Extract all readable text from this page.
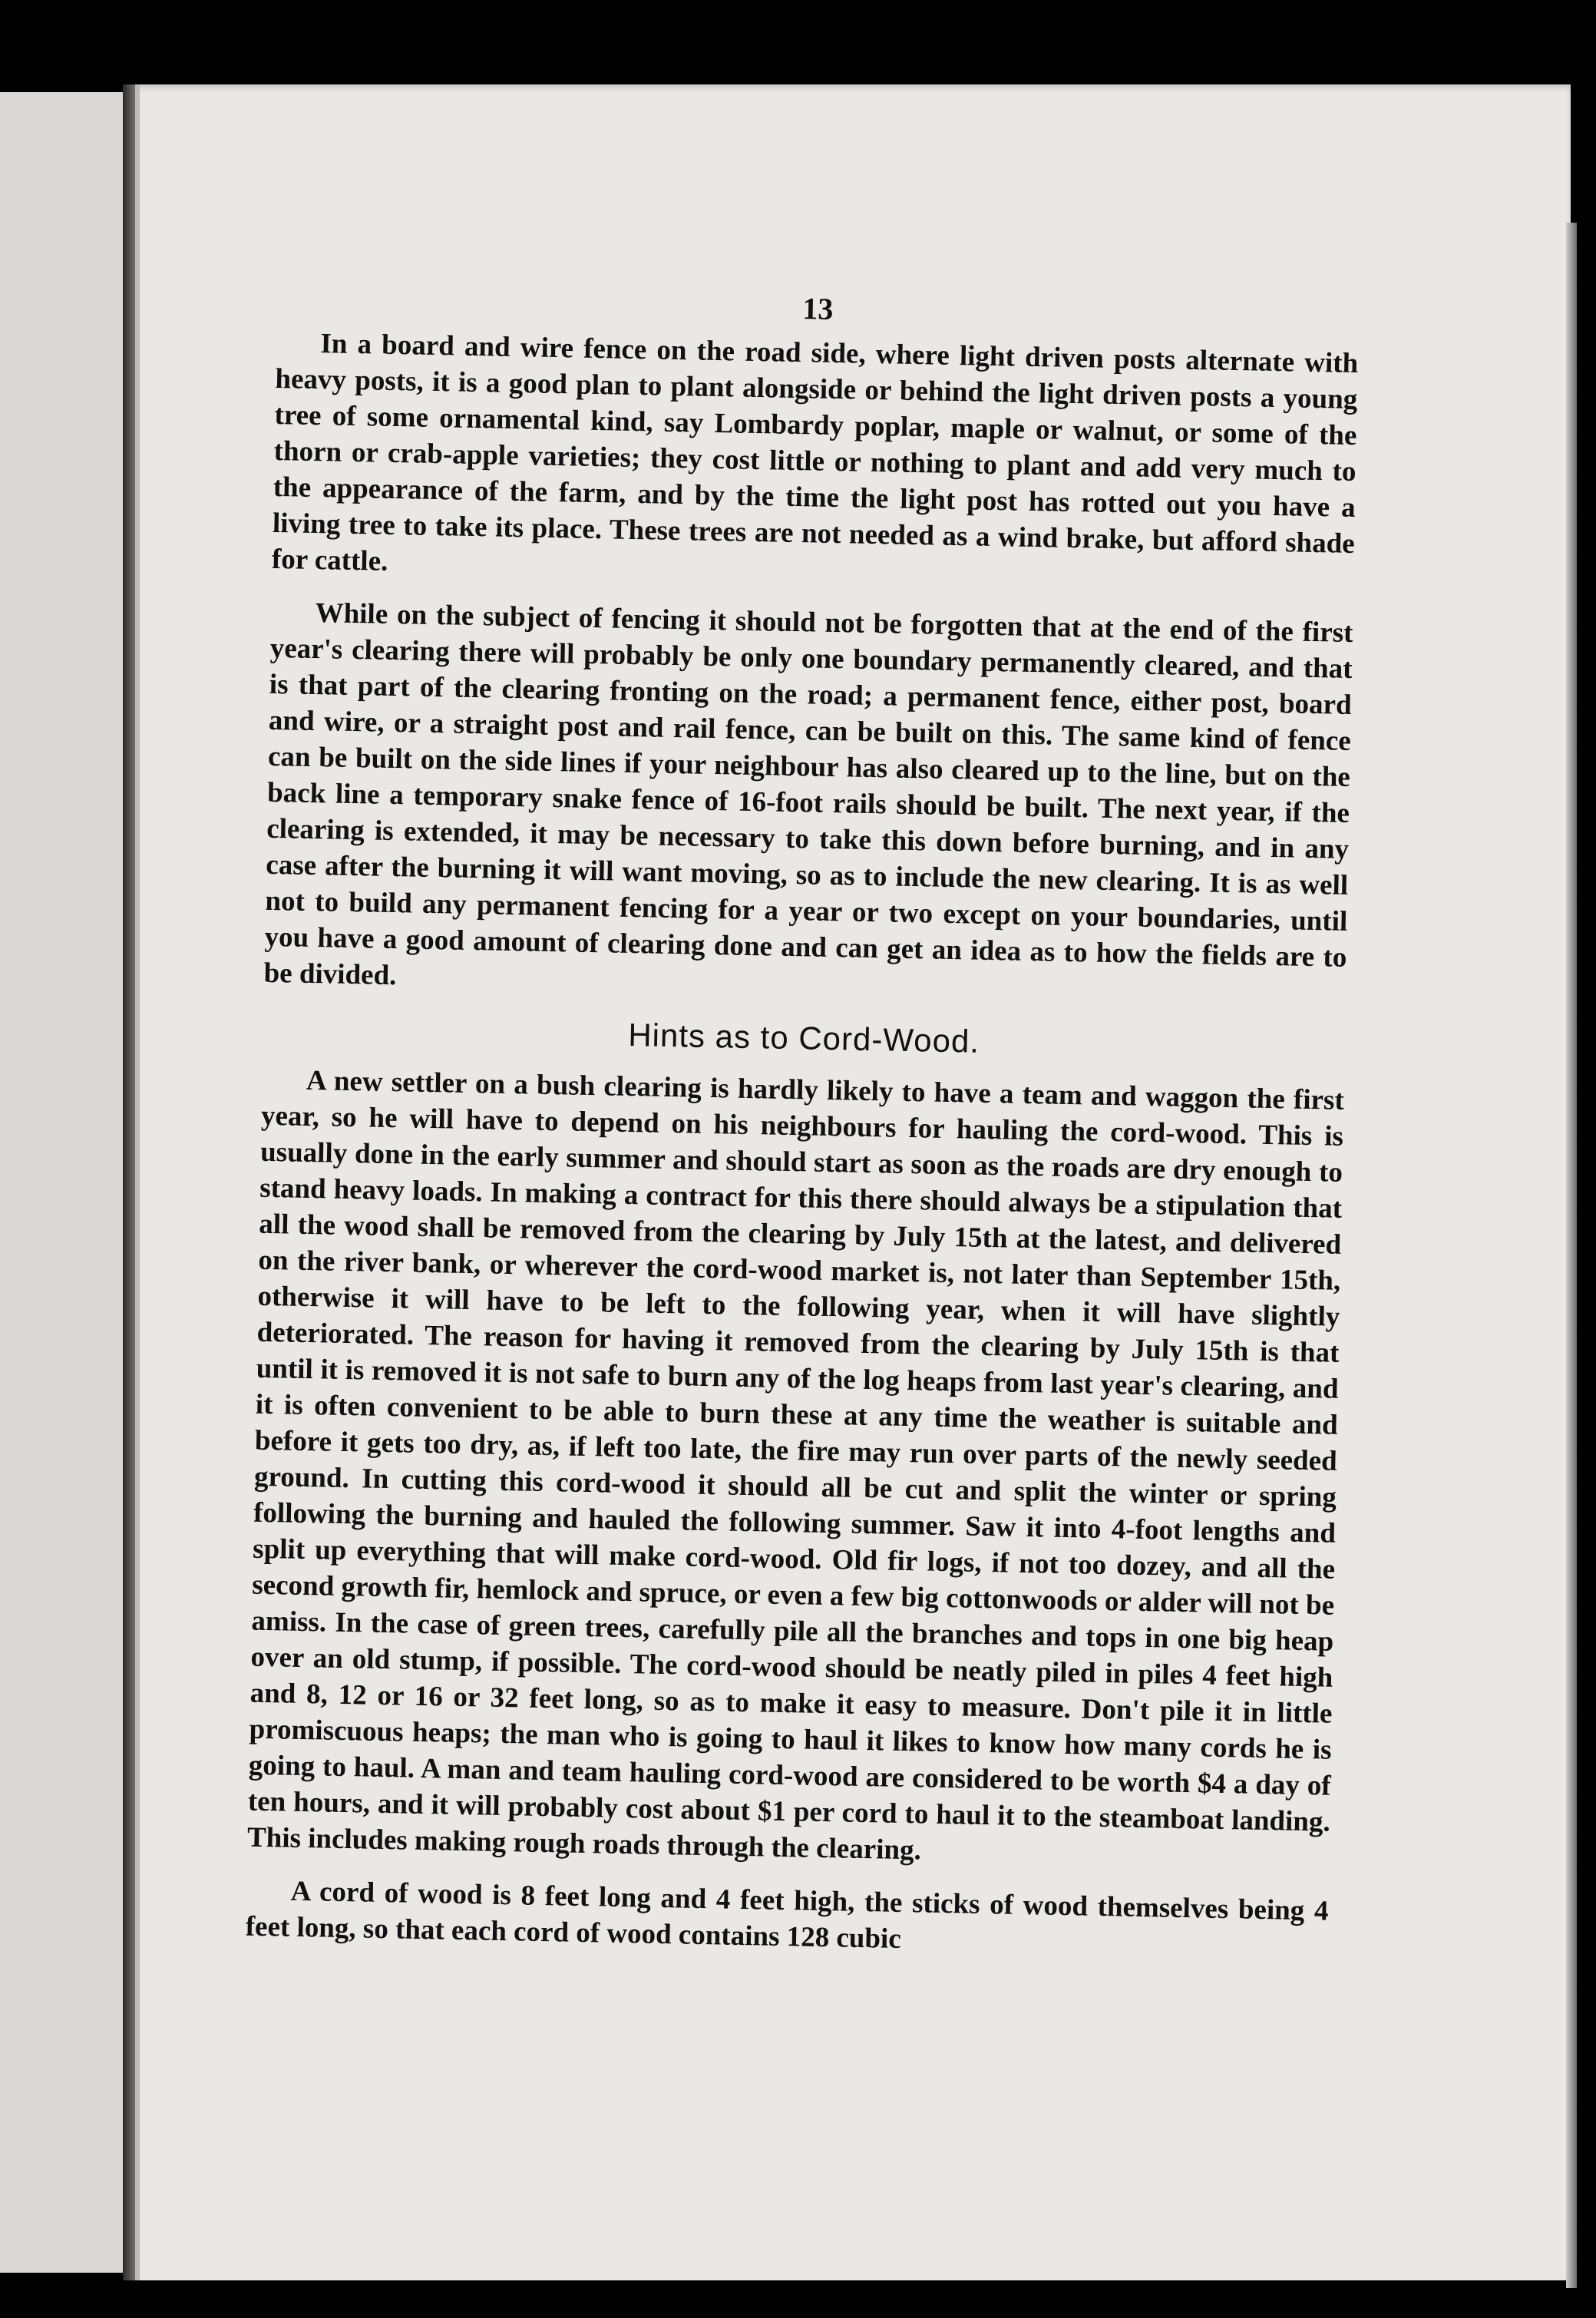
13

In a board and wire fence on the road side, where light driven posts alternate with heavy posts, it is a good plan to plant alongside or behind the light driven posts a young tree of some ornamental kind, say Lombardy poplar, maple or walnut, or some of the thorn or crab-apple varieties; they cost little or nothing to plant and add very much to the appearance of the farm, and by the time the light post has rotted out you have a living tree to take its place. These trees are not needed as a wind brake, but afford shade for cattle.

While on the subject of fencing it should not be forgotten that at the end of the first year's clearing there will probably be only one boundary permanently cleared, and that is that part of the clearing fronting on the road; a permanent fence, either post, board and wire, or a straight post and rail fence, can be built on this. The same kind of fence can be built on the side lines if your neighbour has also cleared up to the line, but on the back line a temporary snake fence of 16-foot rails should be built. The next year, if the clearing is extended, it may be necessary to take this down before burning, and in any case after the burning it will want moving, so as to include the new clearing. It is as well not to build any permanent fencing for a year or two except on your boundaries, until you have a good amount of clearing done and can get an idea as to how the fields are to be divided.

Hints as to Cord-Wood.

A new settler on a bush clearing is hardly likely to have a team and waggon the first year, so he will have to depend on his neighbours for hauling the cord-wood. This is usually done in the early summer and should start as soon as the roads are dry enough to stand heavy loads. In making a contract for this there should always be a stipulation that all the wood shall be removed from the clearing by July 15th at the latest, and delivered on the river bank, or wherever the cord-wood market is, not later than September 15th, otherwise it will have to be left to the following year, when it will have slightly deteriorated. The reason for having it removed from the clearing by July 15th is that until it is removed it is not safe to burn any of the log heaps from last year's clearing, and it is often convenient to be able to burn these at any time the weather is suitable and before it gets too dry, as, if left too late, the fire may run over parts of the newly seeded ground. In cutting this cord-wood it should all be cut and split the winter or spring following the burning and hauled the following summer. Saw it into 4-foot lengths and split up everything that will make cord-wood. Old fir logs, if not too dozey, and all the second growth fir, hemlock and spruce, or even a few big cottonwoods or alder will not be amiss. In the case of green trees, carefully pile all the branches and tops in one big heap over an old stump, if possible. The cord-wood should be neatly piled in piles 4 feet high and 8, 12 or 16 or 32 feet long, so as to make it easy to measure. Don't pile it in little promiscuous heaps; the man who is going to haul it likes to know how many cords he is going to haul. A man and team hauling cord-wood are considered to be worth $4 a day of ten hours, and it will probably cost about $1 per cord to haul it to the steamboat landing. This includes making rough roads through the clearing.

A cord of wood is 8 feet long and 4 feet high, the sticks of wood themselves being 4 feet long, so that each cord of wood contains 128 cubic
